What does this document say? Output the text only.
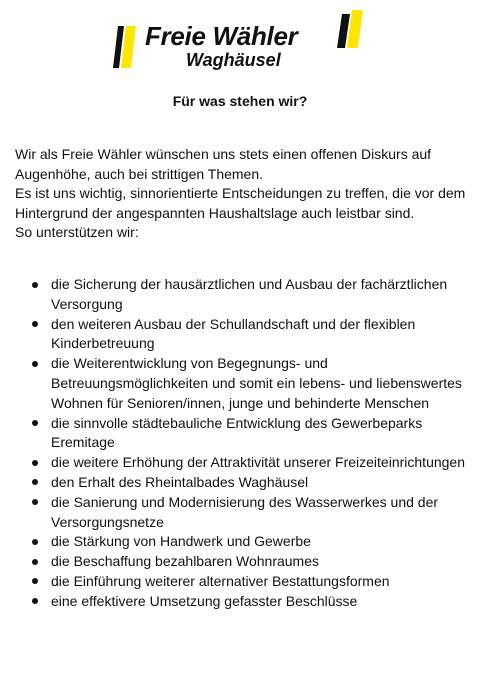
Freie Wähler
Waghäusel
Für was stehen wir?

Wir als Freie Wähler wünschen uns stets einen offenen Diskurs auf Augenhöhe, auch bei strittigen Themen.

Es ist uns wichtig, sinnorientierte Entscheidungen zu treffen, die vor dem Hintergrund der angespannten Haushaltslage auch leistbar sind.

So unterstützen wir:

die Sicherung der hausärztlichen und Ausbau der fachärztlichen Versorgung
den weiteren Ausbau der Schullandschaft und der flexiblen Kinderbetreuung
die Weiterentwicklung von Begegnungs- und Betreuungsmöglichkeiten und somit ein lebens- und liebenswertes Wohnen für Senioren/innen, junge und behinderte Menschen
die sinnvolle städtebauliche Entwicklung des Gewerbeparks Eremitage
die weitere Erhöhung der Attraktivität unserer Freizeiteinrichtungen
den Erhalt des Rheintalbades Waghäusel
die Sanierung und Modernisierung des Wasserwerkes und der Versorgungsnetze
die Stärkung von Handwerk und Gewerbe
die Beschaffung bezahlbaren Wohnraumes
die Einführung weiterer alternativer Bestattungsformen
eine effektivere Umsetzung gefasster Beschlüsse
